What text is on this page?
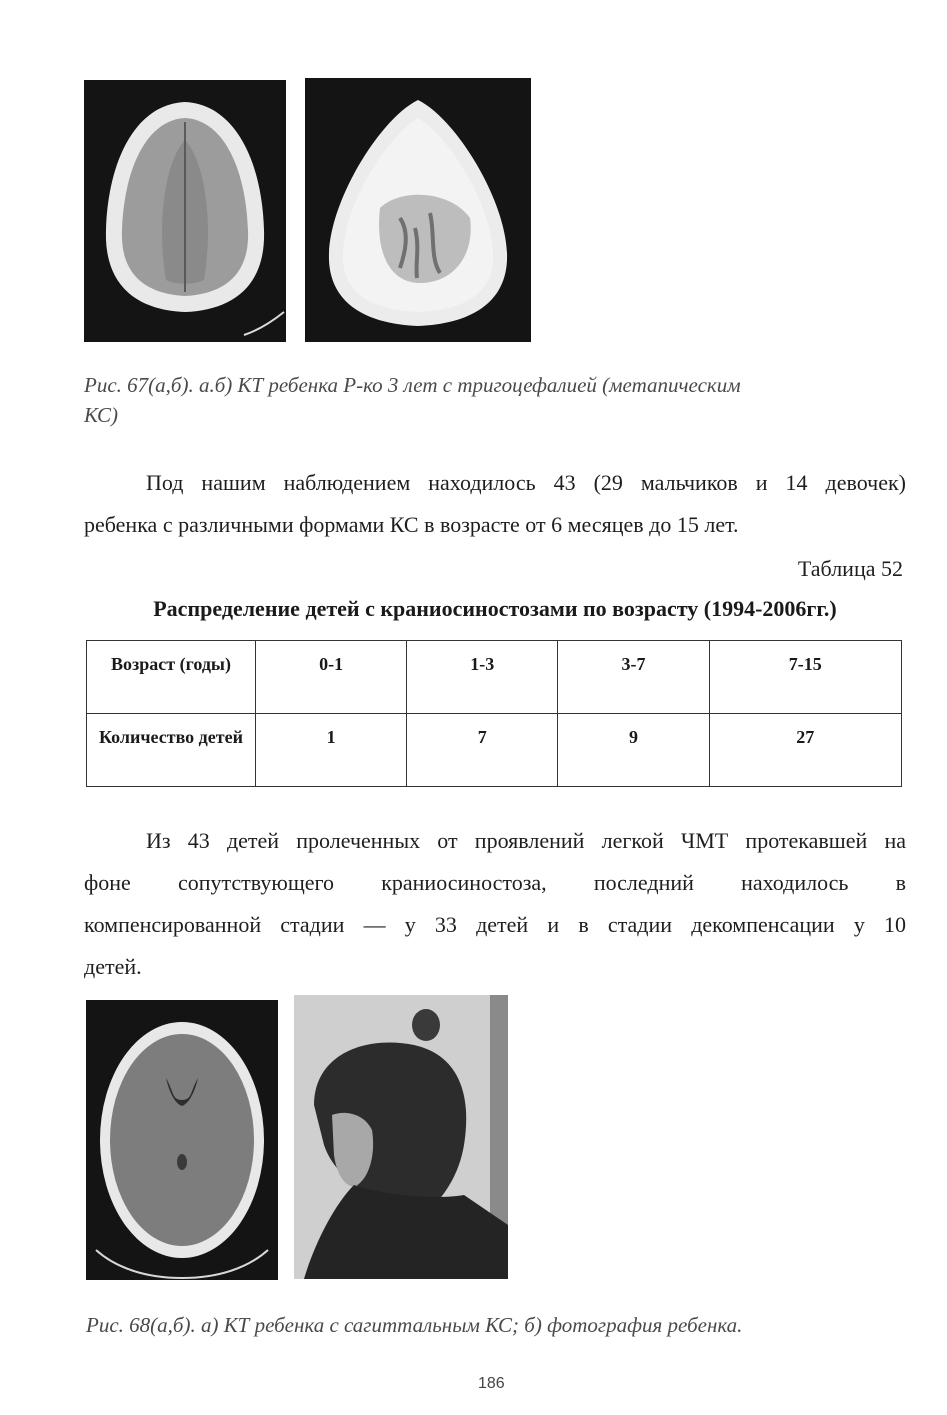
Рис. 67(а,б). а.б) КТ ребенка Р-ко 3 лет с тригоцефалией (метапическим
КС)
Под нашим наблюдением находилось 43 (29 мальчиков и 14 девочек)
ребенка с различными формами КС в возрасте от 6 месяцев до 15 лет.
Таблица 52
Распределение детей с краниосиностозами по возрасту (1994-2006гг.)
Возраст (годы)	0-1	1-3	3-7	7-15
Количество детей	1	7	9	27
Из 43 детей пролеченных от проявлений легкой ЧМТ протекавшей на
фоне сопутствующего краниосиностоза, последний находилось в
компенсированной стадии — у 33 детей и в стадии декомпенсации у 10
детей.
Рис. 68(а,б). а) КТ ребенка с сагиттальным КС; б) фотография ребенка.
186
